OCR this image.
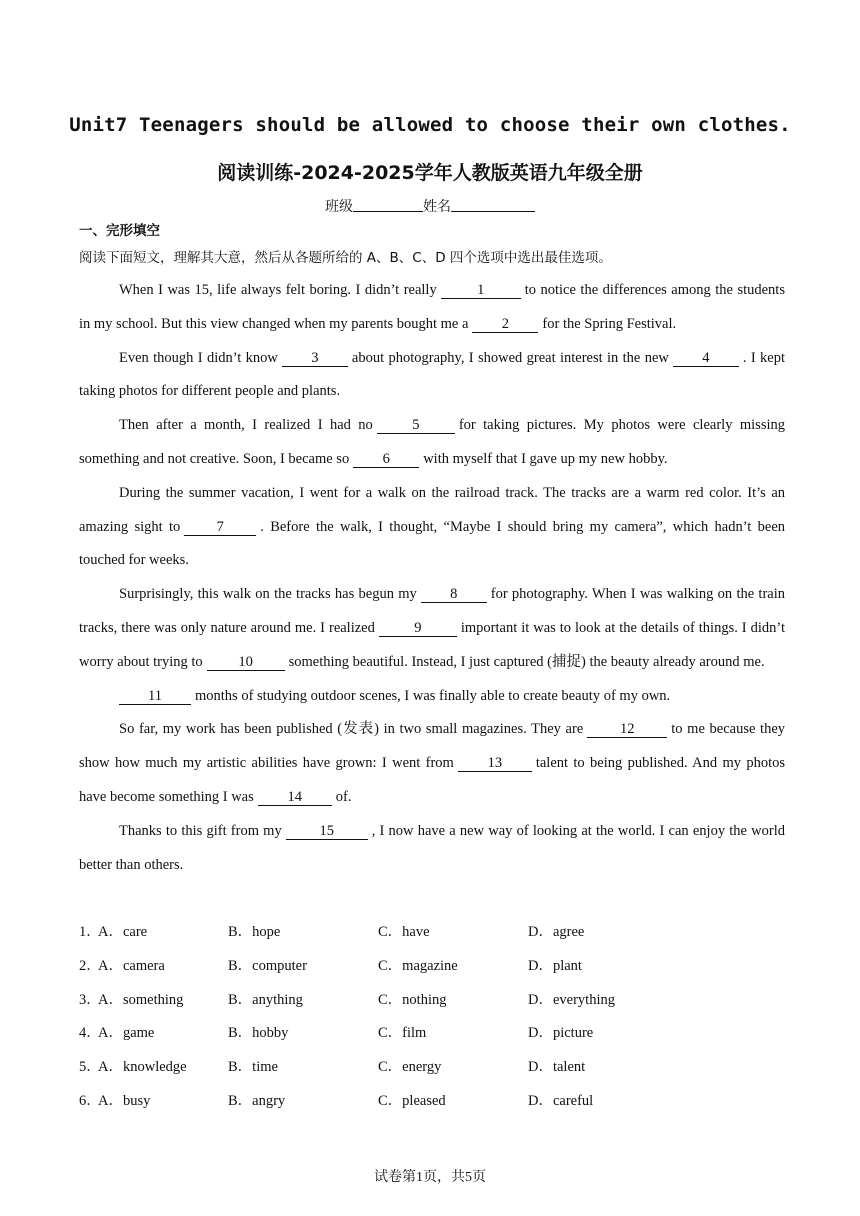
Unit7 Teenagers should be allowed to choose their own clothes.
阅读训练-2024-2025学年人教版英语九年级全册
班级	姓名
一、完形填空
阅读下面短文，理解其大意，然后从各题所给的 A、B、C、D 四个选项中选出最佳选项。

When I was 15, life always felt boring. I didn’t really	1	to notice the differences among the students in my school. But this view changed when my parents bought me a 2 for the Spring Festival.

Even though I didn’t know 3 about photography, I showed great interest in the new 4 . I kept taking photos for different people and plants.

Then after a month, I realized I had no	5	for taking pictures. My photos were clearly missing something and not creative. Soon, I became so 6 with myself that I gave up my new hobby.

During the summer vacation, I went for a walk on the railroad track. The tracks are a warm red color. It’s an amazing sight to	7	. Before the walk, I thought, “Maybe I should bring my camera”, which hadn’t been touched for weeks.

Surprisingly, this walk on the tracks has begun my 8 for photography. When I was walking on the train tracks, there was only nature around me. I realized	9	important it was to look at the details of things. I didn’t worry about trying to 10 something beautiful. Instead, I just captured (捕捉) the beauty already around me.

11 months of studying outdoor scenes, I was finally able to create beauty of my own.

So far, my work has been published (发表) in two small magazines. They are	12	to me because they show how much my artistic abilities have grown: I went from 13 talent to being published. And my photos have become something I was 14 of.

Thanks to this gift from my	15	, I now have a new way of looking at the world. I can enjoy the world better than others.

1．
A．care	B．hope	C．have	D．agree
2．
A．camera	B．computer	C．magazine	D．plant
3．
A．something	B．anything	C．nothing	D．everything
4．
A．game	B．hobby	C．film	D．picture
5．
A．knowledge	B．time	C．energy	D．talent
6．
A．busy	B．angry	C．pleased	D．careful
试卷第1页，共5页
